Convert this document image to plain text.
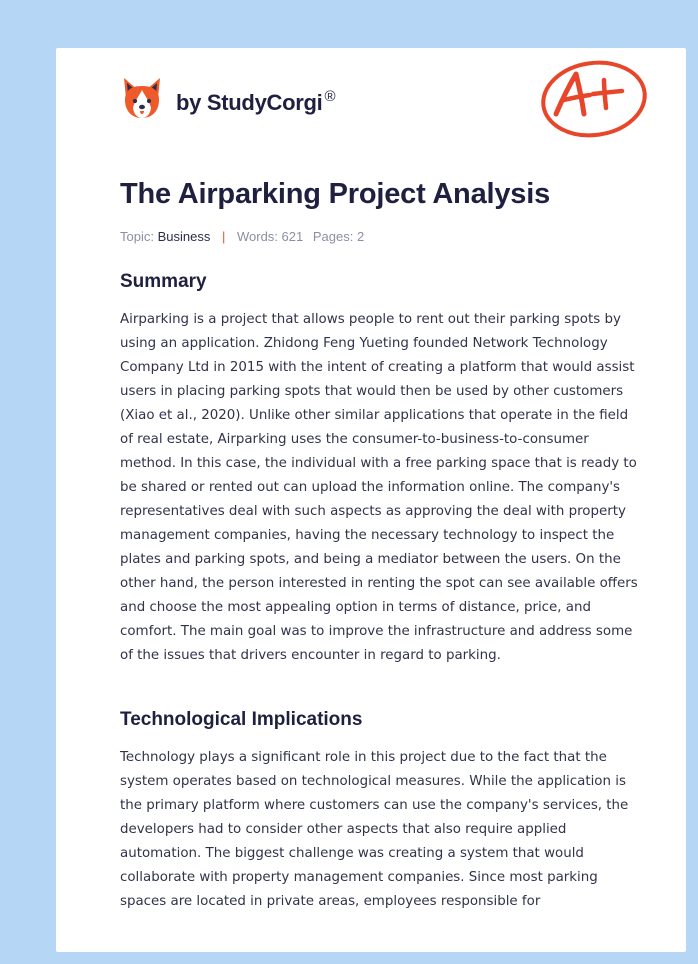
by StudyCorgi ®
A+
The Airparking Project Analysis
Topic: Business | Words: 621 Pages: 2
Summary

Airparking is a project that allows people to rent out their parking spots by using an application. Zhidong Feng Yueting founded Network Technology Company Ltd in 2015 with the intent of creating a platform that would assist users in placing parking spots that would then be used by other customers (Xiao et al., 2020). Unlike other similar applications that operate in the field of real estate, Airparking uses the consumer-to-business-to-consumer method. In this case, the individual with a free parking space that is ready to be shared or rented out can upload the information online. The company's representatives deal with such aspects as approving the deal with property management companies, having the necessary technology to inspect the plates and parking spots, and being a mediator between the users. On the other hand, the person interested in renting the spot can see available offers and choose the most appealing option in terms of distance, price, and comfort. The main goal was to improve the infrastructure and address some of the issues that drivers encounter in regard to parking.

Technological Implications

Technology plays a significant role in this project due to the fact that the system operates based on technological measures. While the application is the primary platform where customers can use the company's services, the developers had to consider other aspects that also require applied automation. The biggest challenge was creating a system that would collaborate with property management companies. Since most parking spaces are located in private areas, employees responsible for
